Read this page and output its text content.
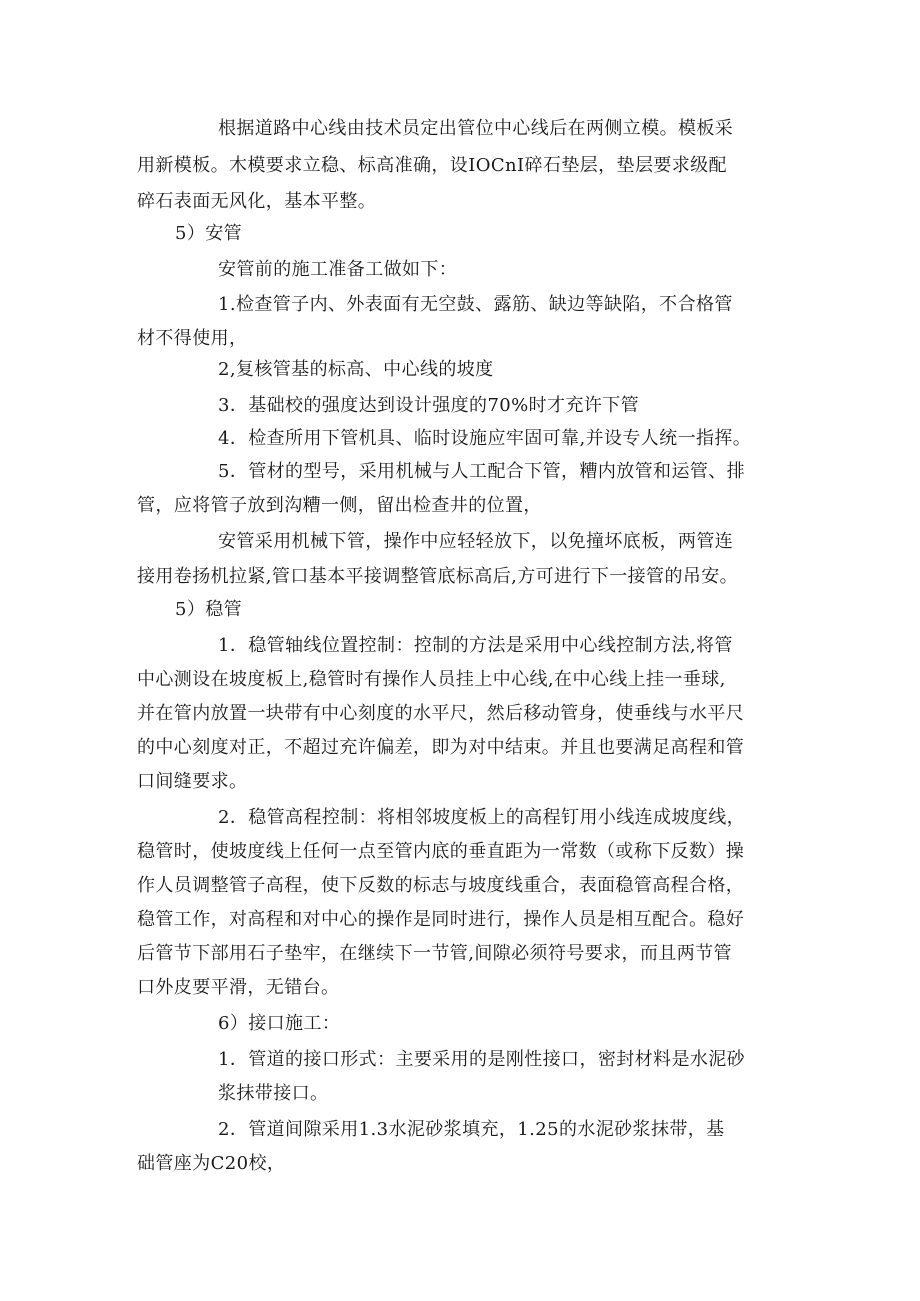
根据道路中心线由技术员定出管位中心线后在两侧立模。模板采
用新模板。木模要求立稳、标高准确，设IOCnI碎石垫层，垫层要求级配
碎石表面无风化，基本平整。
5）安管
安管前的施工准备工做如下：
1.检查管子内、外表面有无空鼓、露筋、缺边等缺陷，不合格管
材不得使用，
2,复核管基的标高、中心线的坡度
3．基础校的强度达到设计强度的70%时才充许下管
4．检查所用下管机具、临时设施应牢固可靠,并设专人统一指挥。
5．管材的型号，采用机械与人工配合下管，糟内放管和运管、排
管，应将管子放到沟糟一侧，留出检查井的位置，
安管采用机械下管，操作中应轻轻放下，以免撞坏底板，两管连
接用卷扬机拉紧,管口基本平接调整管底标高后,方可进行下一接管的吊安。
5）稳管
1．稳管轴线位置控制：控制的方法是采用中心线控制方法,将管
中心测设在坡度板上,稳管时有操作人员挂上中心线,在中心线上挂一垂球,
并在管内放置一块带有中心刻度的水平尺，然后移动管身，使垂线与水平尺
的中心刻度对正，不超过充许偏差，即为对中结束。并且也要满足高程和管
口间缝要求。
2．稳管高程控制：将相邻坡度板上的高程钉用小线连成坡度线，
稳管时，使坡度线上任何一点至管内底的垂直距为一常数（或称下反数）操
作人员调整管子高程，使下反数的标志与坡度线重合，表面稳管高程合格，
稳管工作，对高程和对中心的操作是同时进行，操作人员是相互配合。稳好
后管节下部用石子垫牢，在继续下一节管,间隙必须符号要求，而且两节管
口外皮要平滑，无错台。
6）接口施工：
1．管道的接口形式：主要采用的是刚性接口，密封材料是水泥砂
浆抹带接口。
2．管道间隙采用1.3水泥砂浆填充，1.25的水泥砂浆抹带，基
础管座为C20校，
